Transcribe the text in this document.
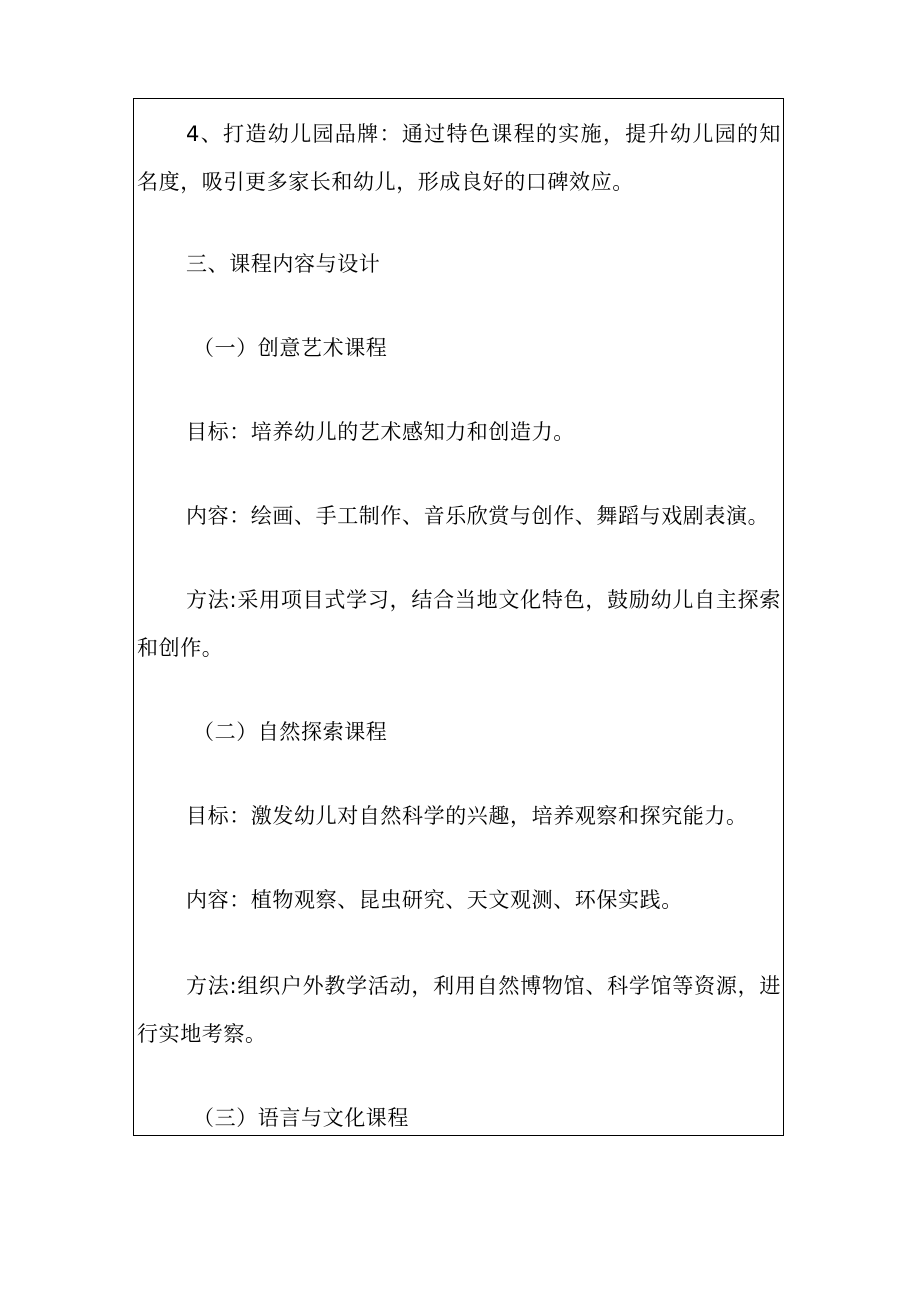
4、打造幼儿园品牌：通过特色课程的实施，提升幼儿园的知名度，吸引更多家长和幼儿，形成良好的口碑效应。

三、课程内容与设计

（一）创意艺术课程

目标：培养幼儿的艺术感知力和创造力。

内容：绘画、手工制作、音乐欣赏与创作、舞蹈与戏剧表演。

方法:采用项目式学习，结合当地文化特色，鼓励幼儿自主探索和创作。

（二）自然探索课程

目标：激发幼儿对自然科学的兴趣，培养观察和探究能力。

内容：植物观察、昆虫研究、天文观测、环保实践。

方法:组织户外教学活动，利用自然博物馆、科学馆等资源，进行实地考察。

（三）语言与文化课程
